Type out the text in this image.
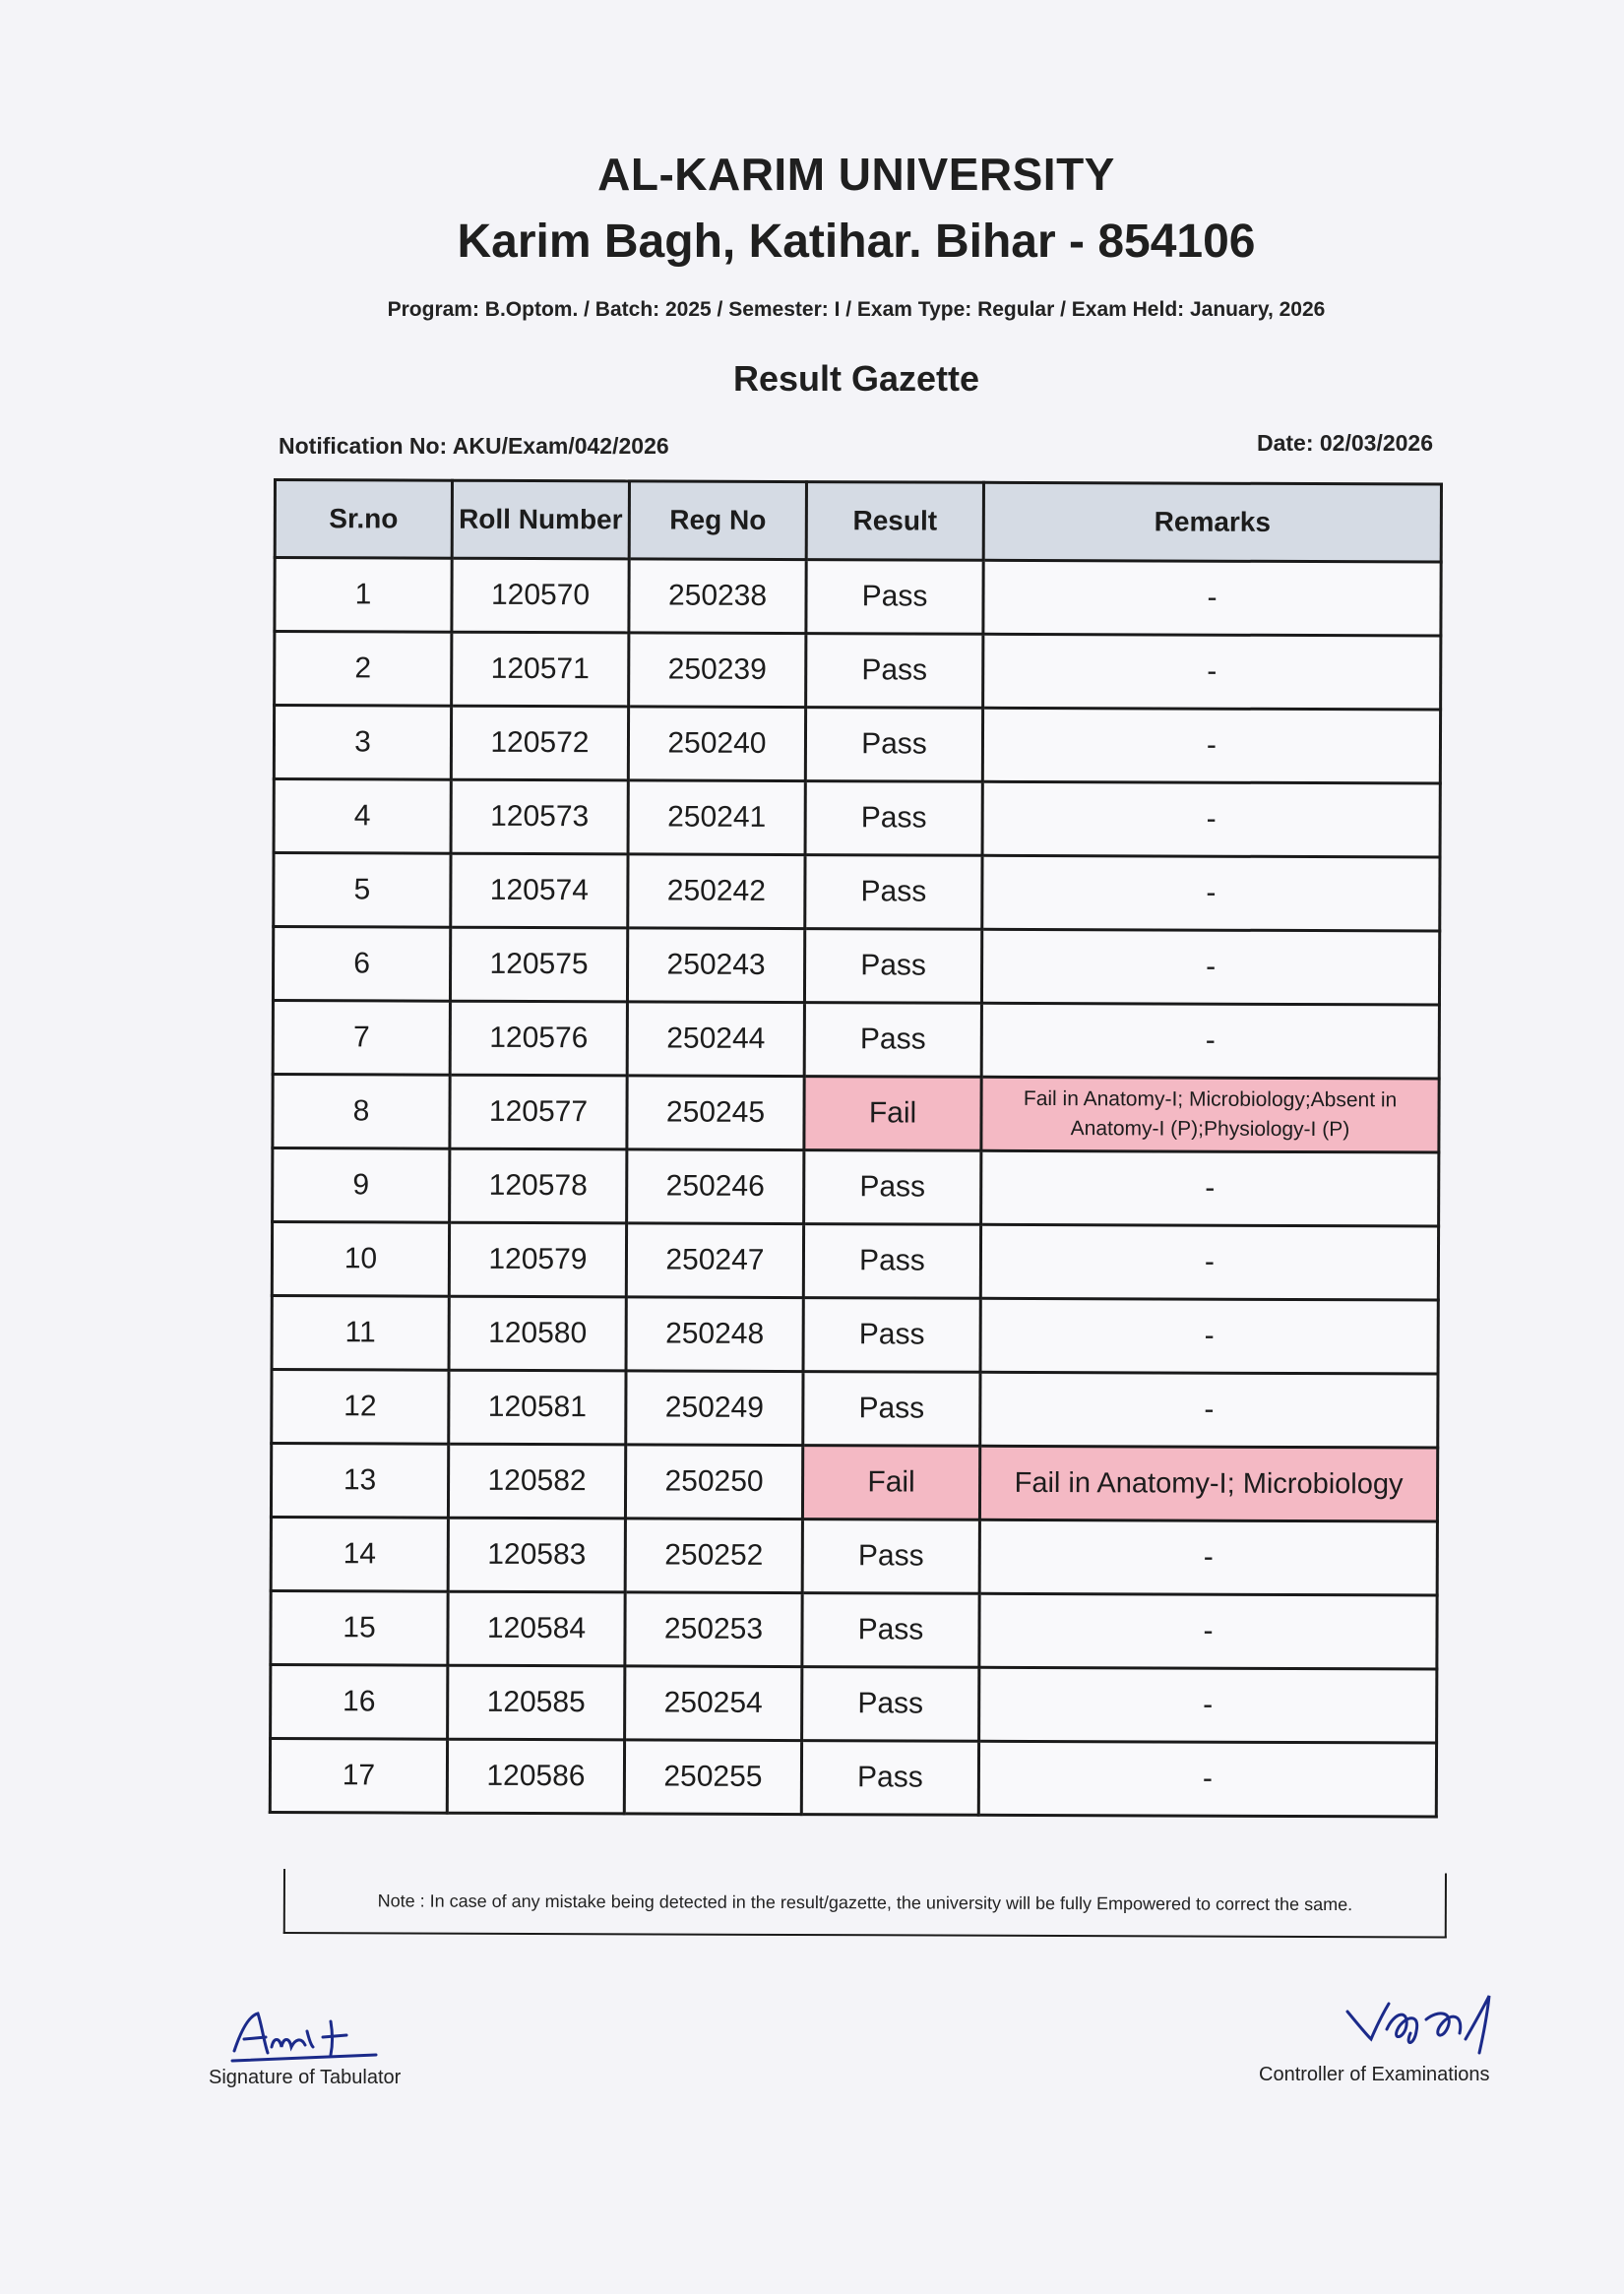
AL-KARIM UNIVERSITY
Karim Bagh, Katihar. Bihar - 854106
Program: B.Optom. / Batch: 2025 / Semester: I / Exam Type: Regular / Exam Held: January, 2026
Result Gazette
Notification No: AKU/Exam/042/2026	Date: 02/03/2026
Sr.no	Roll Number	Reg No	Result	Remarks
1	120570	250238	Pass	-
2	120571	250239	Pass	-
3	120572	250240	Pass	-
4	120573	250241	Pass	-
5	120574	250242	Pass	-
6	120575	250243	Pass	-
7	120576	250244	Pass	-
8	120577	250245	Fail	Fail in Anatomy-I; Microbiology;Absent in Anatomy-I (P);Physiology-I (P)
9	120578	250246	Pass	-
10	120579	250247	Pass	-
11	120580	250248	Pass	-
12	120581	250249	Pass	-
13	120582	250250	Fail	Fail in Anatomy-I; Microbiology
14	120583	250252	Pass	-
15	120584	250253	Pass	-
16	120585	250254	Pass	-
17	120586	250255	Pass	-
Note : In case of any mistake being detected in the result/gazette, the university will be fully Empowered to correct the same.
Signature of Tabulator	Controller of Examinations
